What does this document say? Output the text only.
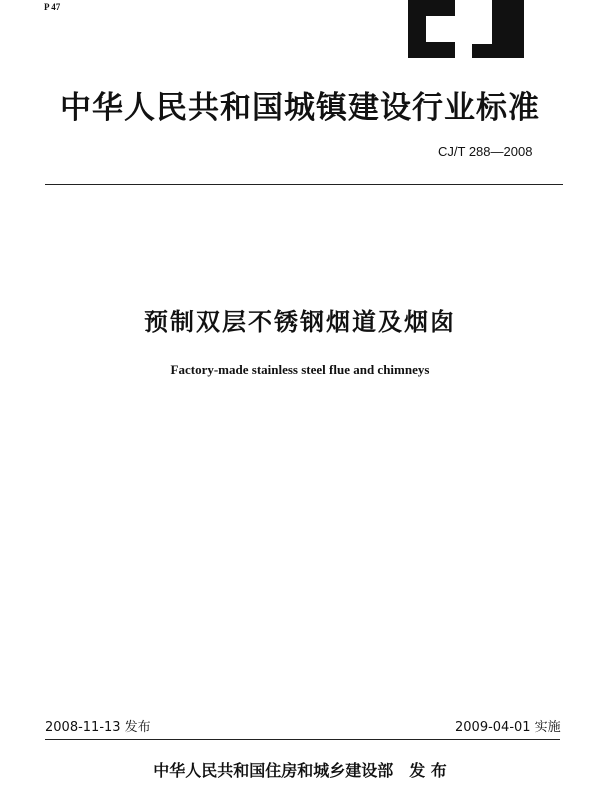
P 47
中华人民共和国城镇建设行业标准
CJ/T 288—2008
预制双层不锈钢烟道及烟囱
Factory-made stainless steel flue and chimneys
2008-11-13 发布	2009-04-01 实施
中华人民共和国住房和城乡建设部　发 布
